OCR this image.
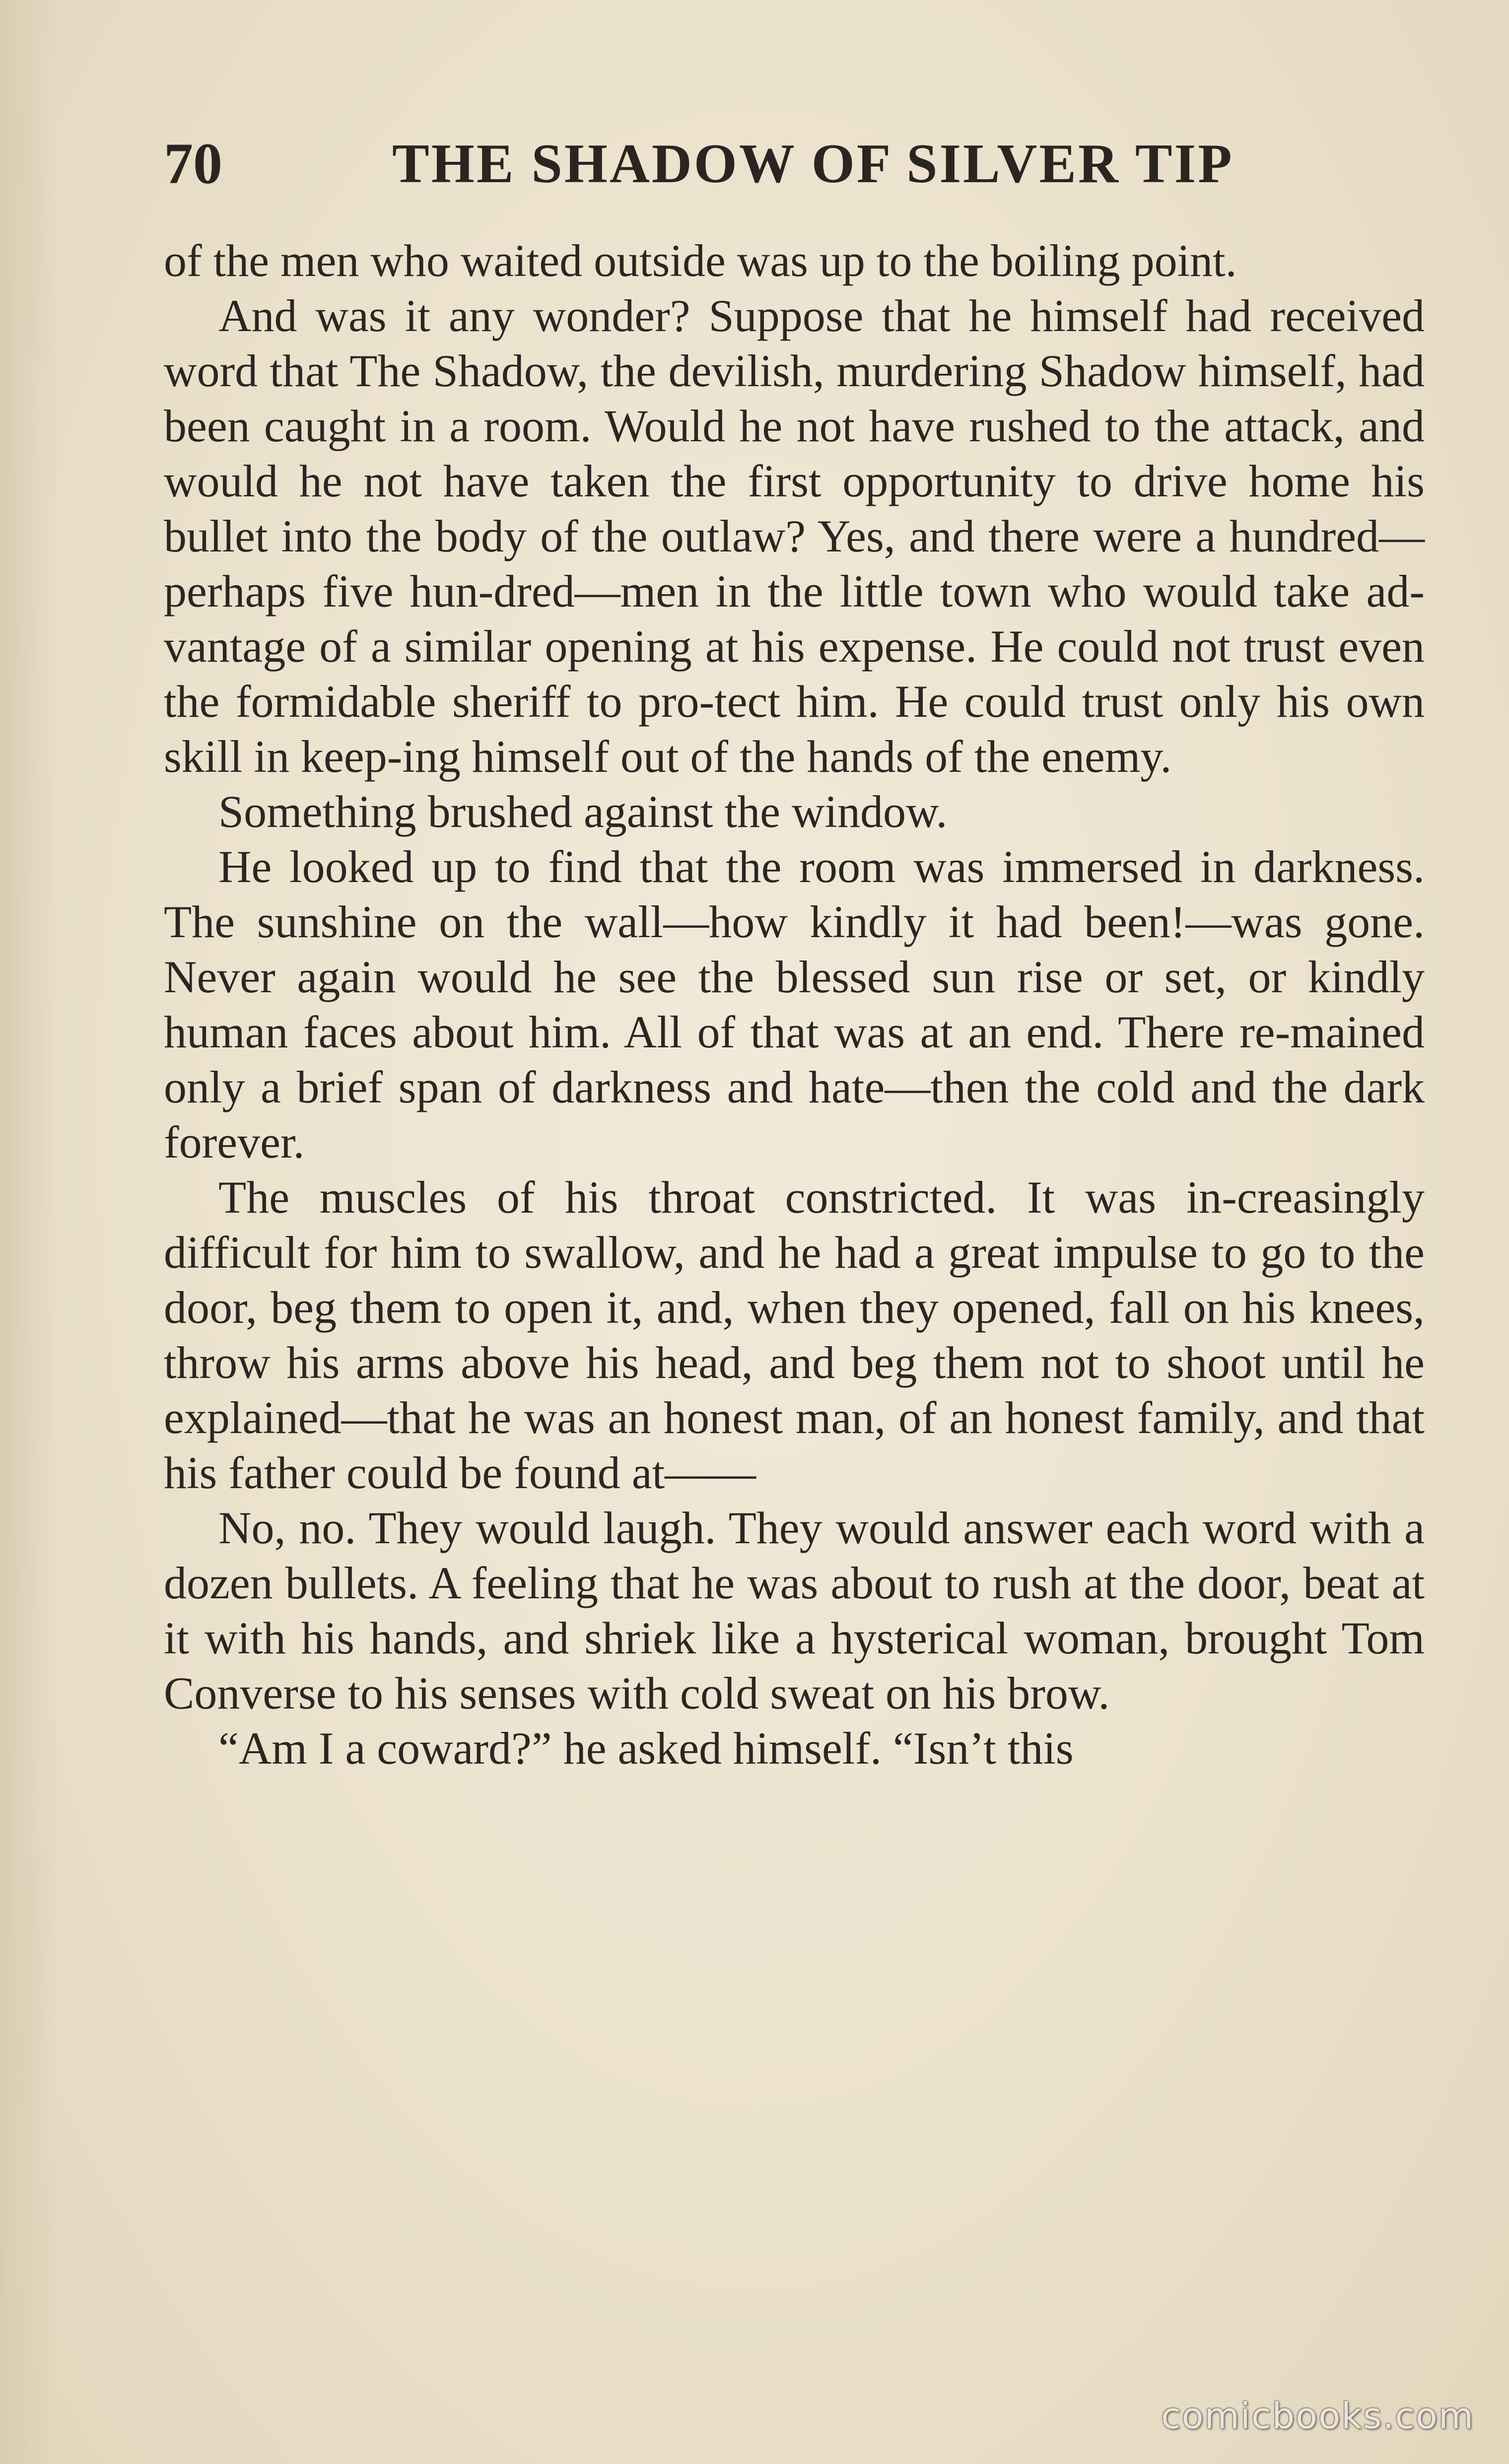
70	THE SHADOW OF SILVER TIP

of the men who waited outside was up to the boiling point.

And was it any wonder? Suppose that he himself had received word that The Shadow, the devilish, murdering Shadow himself, had been caught in a room. Would he not have rushed to the attack, and would he not have taken the first opportunity to drive home his bullet into the body of the outlaw? Yes, and there were a hundred—perhaps five hun-dred—men in the little town who would take ad-vantage of a similar opening at his expense. He could not trust even the formidable sheriff to pro-tect him. He could trust only his own skill in keep-ing himself out of the hands of the enemy.

Something brushed against the window.

He looked up to find that the room was immersed in darkness. The sunshine on the wall—how kindly it had been!—was gone. Never again would he see the blessed sun rise or set, or kindly human faces about him. All of that was at an end. There re-mained only a brief span of darkness and hate—then the cold and the dark forever.

The muscles of his throat constricted. It was in-creasingly difficult for him to swallow, and he had a great impulse to go to the door, beg them to open it, and, when they opened, fall on his knees, throw his arms above his head, and beg them not to shoot until he explained—that he was an honest man, of an honest family, and that his father could be found at——

No, no. They would laugh. They would answer each word with a dozen bullets. A feeling that he was about to rush at the door, beat at it with his hands, and shriek like a hysterical woman, brought Tom Converse to his senses with cold sweat on his brow.

“Am I a coward?” he asked himself. “Isn’t this

comicbooks.com
